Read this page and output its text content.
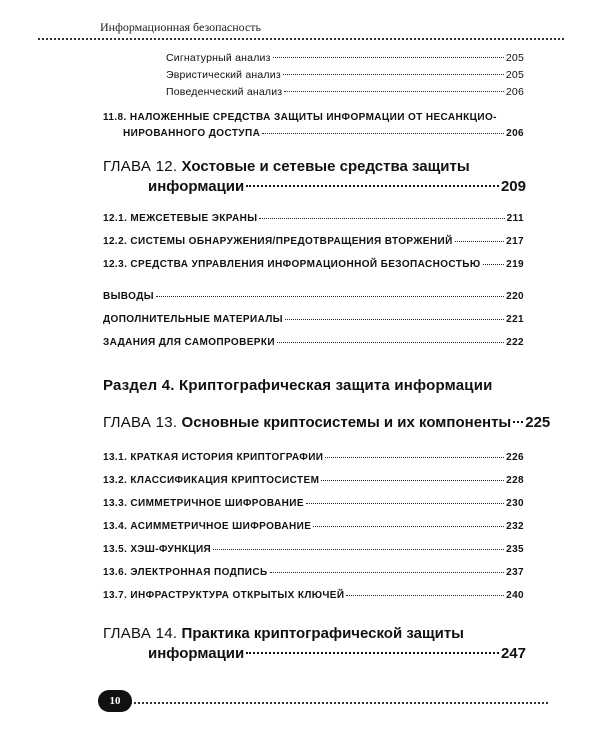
Информационная безопасность
Сигнатурный анализ	205
Эвристический анализ	205
Поведенческий анализ	206
11.8. НАЛОЖЕННЫЕ СРЕДСТВА ЗАЩИТЫ ИНФОРМАЦИИ ОТ НЕСАНКЦИО-
НИРОВАННОГО ДОСТУПА	206
ГЛАВА 12. Хостовые и сетевые средства защиты
информации	209
12.1. МЕЖСЕТЕВЫЕ ЭКРАНЫ	211
12.2. СИСТЕМЫ ОБНАРУЖЕНИЯ/ПРЕДОТВРАЩЕНИЯ ВТОРЖЕНИЙ	217
12.3. СРЕДСТВА УПРАВЛЕНИЯ ИНФОРМАЦИОННОЙ БЕЗОПАСНОСТЬЮ	219
ВЫВОДЫ	220
ДОПОЛНИТЕЛЬНЫЕ МАТЕРИАЛЫ	221
ЗАДАНИЯ ДЛЯ САМОПРОВЕРКИ	222
Раздел 4. Криптографическая защита информации
ГЛАВА 13. Основные криптосистемы и их компоненты 225
13.1. КРАТКАЯ ИСТОРИЯ КРИПТОГРАФИИ	226
13.2. КЛАССИФИКАЦИЯ КРИПТОСИСТЕМ	228
13.3. СИММЕТРИЧНОЕ ШИФРОВАНИЕ	230
13.4. АСИММЕТРИЧНОЕ ШИФРОВАНИЕ	232
13.5. ХЭШ-ФУНКЦИЯ	235
13.6. ЭЛЕКТРОННАЯ ПОДПИСЬ	237
13.7. ИНФРАСТРУКТУРА ОТКРЫТЫХ КЛЮЧЕЙ	240
ГЛАВА 14. Практика криптографической защиты
информации	247
10
